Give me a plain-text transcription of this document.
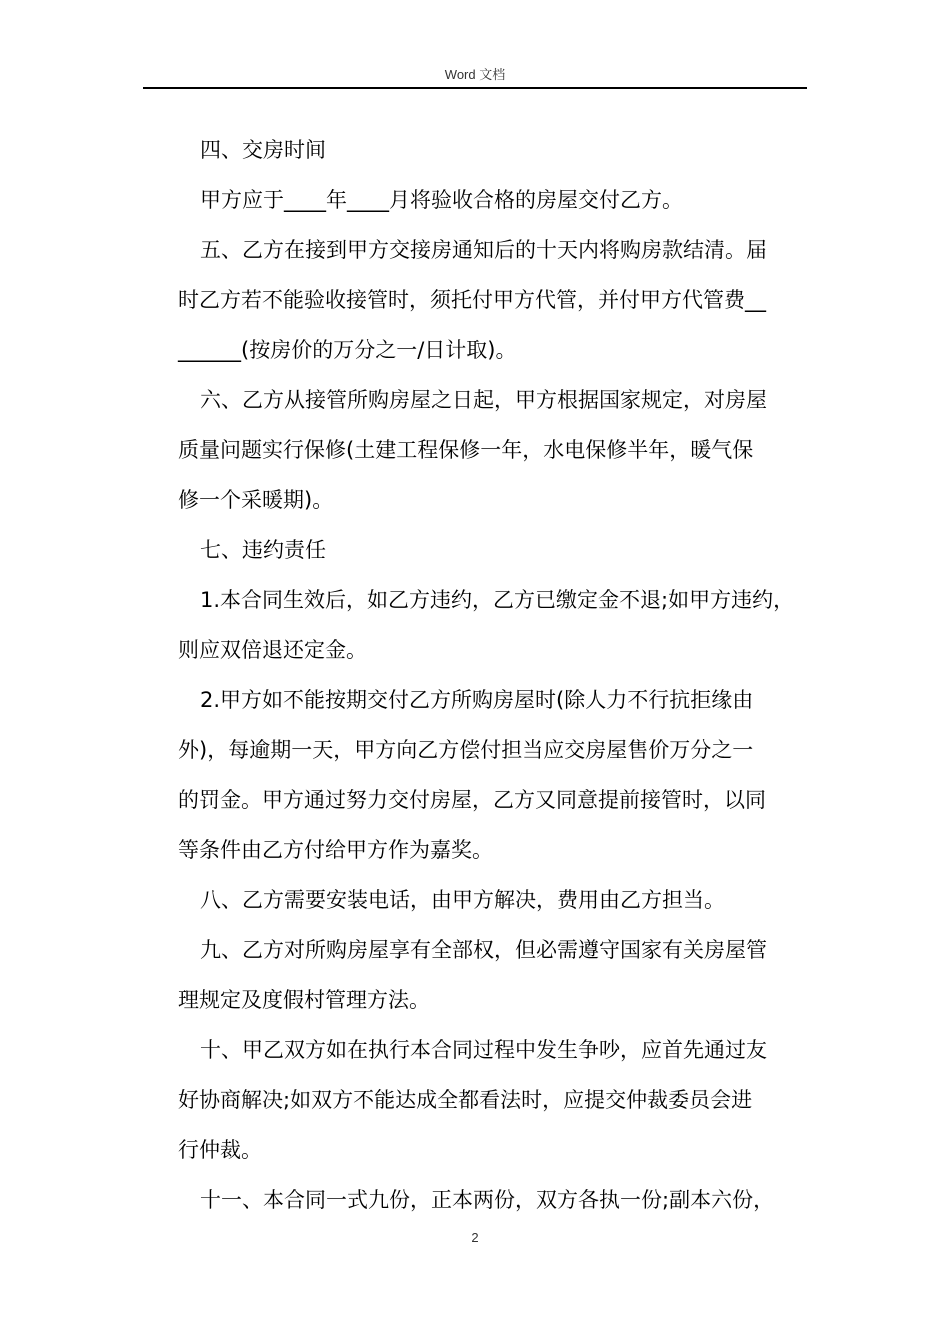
Word 文档
四、交房时间
甲方应于____年____月将验收合格的房屋交付乙方。
五、乙方在接到甲方交接房通知后的十天内将购房款结清。届
时乙方若不能验收接管时，须托付甲方代管，并付甲方代管费__
______(按房价的万分之一/日计取)。
六、乙方从接管所购房屋之日起，甲方根据国家规定，对房屋
质量问题实行保修(土建工程保修一年，水电保修半年，暖气保
修一个采暖期)。
七、违约责任
1.本合同生效后，如乙方违约，乙方已缴定金不退;如甲方违约，
则应双倍退还定金。
2.甲方如不能按期交付乙方所购房屋时(除人力不行抗拒缘由
外)，每逾期一天，甲方向乙方偿付担当应交房屋售价万分之一
的罚金。甲方通过努力交付房屋，乙方又同意提前接管时，以同
等条件由乙方付给甲方作为嘉奖。
八、乙方需要安装电话，由甲方解决，费用由乙方担当。
九、乙方对所购房屋享有全部权，但必需遵守国家有关房屋管
理规定及度假村管理方法。
十、甲乙双方如在执行本合同过程中发生争吵，应首先通过友
好协商解决;如双方不能达成全都看法时，应提交仲裁委员会进
行仲裁。
十一、本合同一式九份，正本两份，双方各执一份;副本六份，
2
